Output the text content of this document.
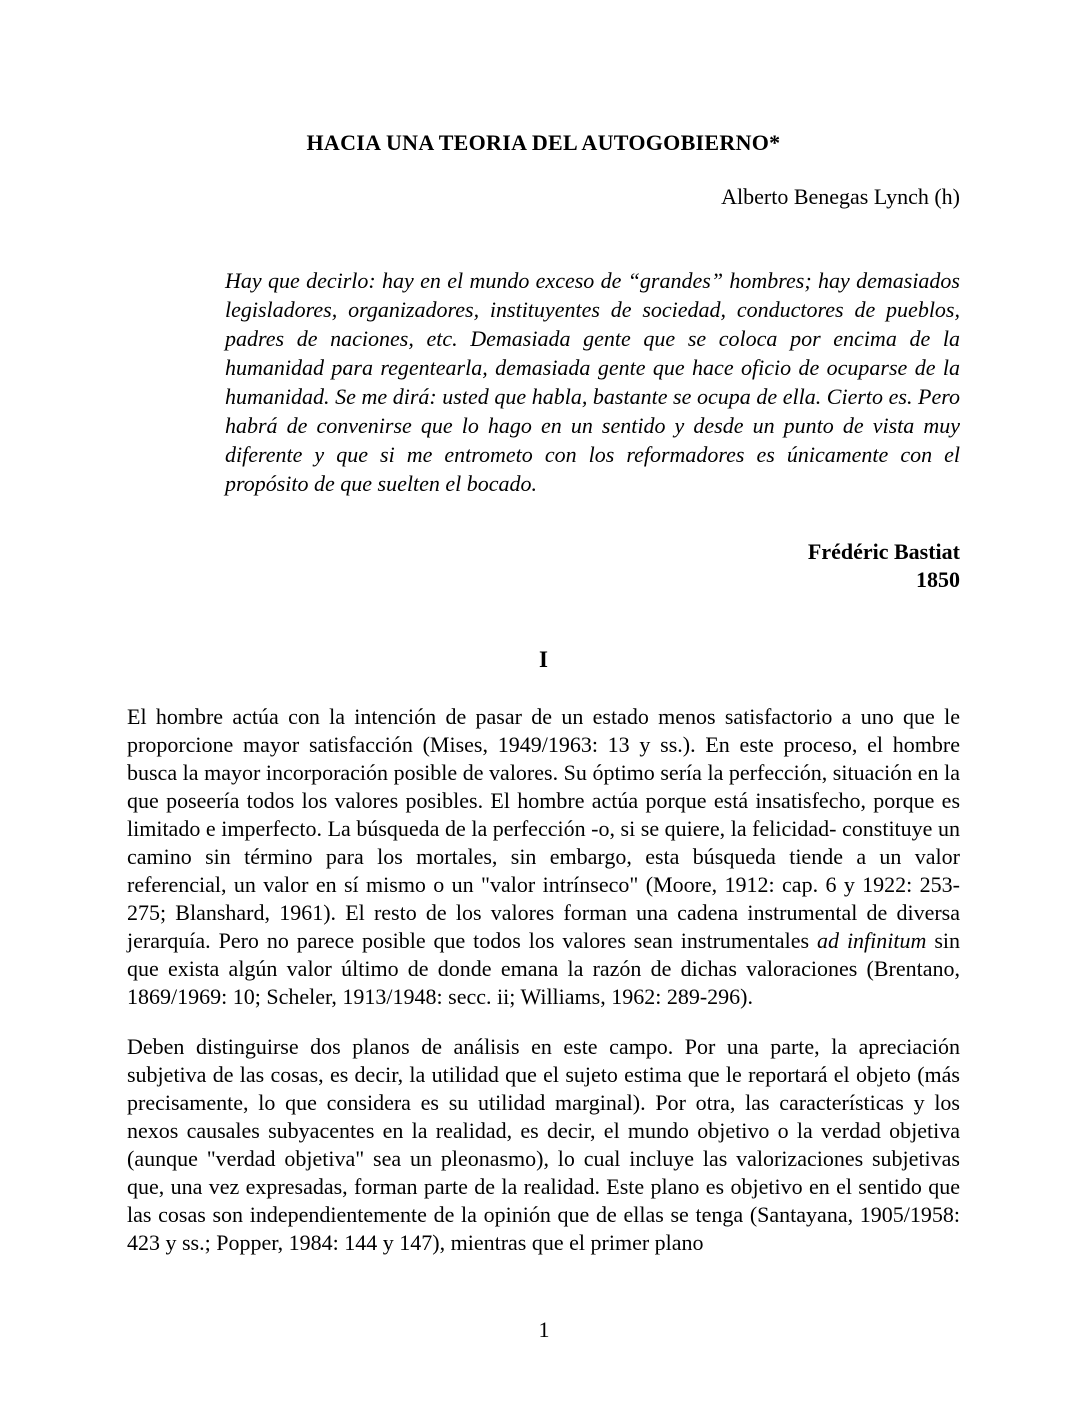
HACIA UNA TEORIA DEL AUTOGOBIERNO*
Alberto Benegas Lynch (h)
Hay que decirlo: hay en el mundo exceso de “grandes” hombres; hay demasiados legisladores, organizadores, instituyentes de sociedad, conductores de pueblos, padres de naciones, etc. Demasiada gente que se coloca por encima de la humanidad para regentearla, demasiada gente que hace oficio de ocuparse de la humanidad. Se me dirá: usted que habla, bastante se ocupa de ella. Cierto es. Pero habrá de convenirse que lo hago en un sentido y desde un punto de vista muy diferente y que si me entrometo con los reformadores es únicamente con el propósito de que suelten el bocado.
Frédéric Bastiat
1850
I

El hombre actúa con la intención de pasar de un estado menos satisfactorio a uno que le proporcione mayor satisfacción (Mises, 1949/1963: 13 y ss.). En este proceso, el hombre busca la mayor incorporación posible de valores. Su óptimo sería la perfección, situación en la que poseería todos los valores posibles. El hombre actúa porque está insatisfecho, porque es limitado e imperfecto. La búsqueda de la perfección -o, si se quiere, la felicidad- constituye un camino sin término para los mortales, sin embargo, esta búsqueda tiende a un valor referencial, un valor en sí mismo o un "valor intrínseco" (Moore, 1912: cap. 6 y 1922: 253-275; Blanshard, 1961). El resto de los valores forman una cadena instrumental de diversa jerarquía. Pero no parece posible que todos los valores sean instrumentales ad infinitum sin que exista algún valor último de donde emana la razón de dichas valoraciones (Brentano, 1869/1969: 10; Scheler, 1913/1948: secc. ii; Williams, 1962: 289-296).

Deben distinguirse dos planos de análisis en este campo. Por una parte, la apreciación subjetiva de las cosas, es decir, la utilidad que el sujeto estima que le reportará el objeto (más precisamente, lo que considera es su utilidad marginal). Por otra, las características y los nexos causales subyacentes en la realidad, es decir, el mundo objetivo o la verdad objetiva (aunque "verdad objetiva" sea un pleonasmo), lo cual incluye las valorizaciones subjetivas que, una vez expresadas, forman parte de la realidad. Este plano es objetivo en el sentido que las cosas son independientemente de la opinión que de ellas se tenga (Santayana, 1905/1958: 423 y ss.; Popper, 1984: 144 y 147), mientras que el primer plano

1
